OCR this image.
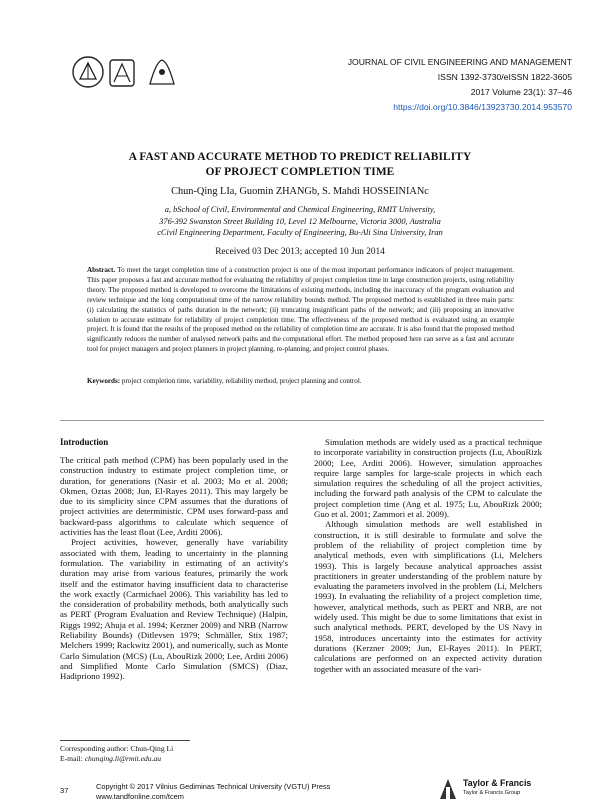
JOURNAL OF CIVIL ENGINEERING AND MANAGEMENT
ISSN 1392-3730/eISSN 1822-3605
2017 Volume 23(1): 37–46
https://doi.org/10.3846/13923730.2014.953570
A FAST AND ACCURATE METHOD TO PREDICT RELIABILITY
OF PROJECT COMPLETION TIME
Chun-Qing LIa, Guomin ZHANGb, S. Mahdi HOSSEINIANc
a, bSchool of Civil, Environmental and Chemical Engineering, RMIT University,
376-392 Swanston Street Building 10, Level 12 Melbourne, Victoria 3000, Australia
cCivil Engineering Department, Faculty of Engineering, Bu-Ali Sina University, Iran
Received 03 Dec 2013; accepted 10 Jun 2014
Abstract. To meet the target completion time of a construction project is one of the most important performance indicators of project management. This paper proposes a fast and accurate method for evaluating the reliability of project completion time in large construction projects, using reliability theory. The proposed method is developed to overcome the limitations of existing methods, including the inaccuracy of the program evaluation and review technique and the long computational time of the narrow reliability bounds method. The proposed method is established in three main parts: (i) calculating the statistics of paths duration in the network; (ii) truncating insignificant paths of the network; and (iii) proposing an innovative solution to accurate estimate for reliability of project completion time. The effectiveness of the proposed method is evaluated using an example project. It is found that the results of the proposed method on the reliability of completion time are accurate. It is also found that the proposed method significantly reduces the number of analysed network paths and the computational effort. The method proposed here can serve as a fast and accurate tool for project managers and project planners in project planning, re-planning, and project control phases.
Keywords: project completion time, variability, reliability method, project planning and control.
Introduction

The critical path method (CPM) has been popularly used in the construction industry to estimate project completion time, or duration, for generations (Nasir et al. 2003; Mo et al. 2008; Okmen, Oztas 2008; Jun, El-Rayes 2011). This may largely be due to its simplicity since CPM assumes that the durations of project activities are deterministic. CPM uses forward-pass and backward-pass algorithms to calculate which sequence of activities has the least float (Lee, Arditi 2006).

Project activities, however, generally have variability associated with them, leading to uncertainty in the planning formulation. The variability in estimating of an activity's duration may arise from various features, primarily the work itself and the estimator having insufficient data to characterise the work exactly (Carmichael 2006). This variability has led to the consideration of probability methods, both analytically such as PERT (Program Evaluation and Review Technique) (Halpin, Riggs 1992; Ahuja et al. 1994; Kerzner 2009) and NRB (Narrow Reliability Bounds) (Ditlevsen 1979; Schmäller, Stix 1987; Melchers 1999; Rackwitz 2001), and numerically, such as Monte Carlo Simulation (MCS) (Lu, AbouRizk 2000; Lee, Arditi 2006) and Simplified Monte Carlo Simulation (SMCS) (Diaz, Hadipriono 1992).

Simulation methods are widely used as a practical technique to incorporate variability in construction projects (Lu, AbouRizk 2000; Lee, Arditi 2006). However, simulation approaches require large samples for large-scale projects in which each simulation requires the scheduling of all the project activities, including the forward path analysis of the CPM to calculate the project completion time (Ang et al. 1975; Lu, AbouRizk 2000; Guo et al. 2001; Zammori et al. 2009).

Although simulation methods are well established in construction, it is still desirable to formulate and solve the problem of the reliability of project completion time by analytical methods, even with simplifications (Li, Melchers 1993). This is largely because analytical approaches assist practitioners in greater understanding of the problem nature by evaluating the parameters involved in the problem (Li, Melchers 1993). In evaluating the reliability of a project completion time, however, analytical methods, such as PERT and NRB, are not widely used. This might be due to some limitations that exist in such analytical methods. PERT, developed by the US Navy in 1958, introduces uncertainty into the estimates for activity durations (Kerzner 2009; Jun, El-Rayes 2011). In PERT, calculations are performed on an expected activity duration together with an associated measure of the vari-

Corresponding author: Chun-Qing Li
E-mail: chunqing.li@rmit.edu.au
37	Copyright © 2017 Vilnius Gediminas Technical University (VGTU) Press
www.tandfonline.com/tcem
Taylor & Francis
Taylor & Francis Group
